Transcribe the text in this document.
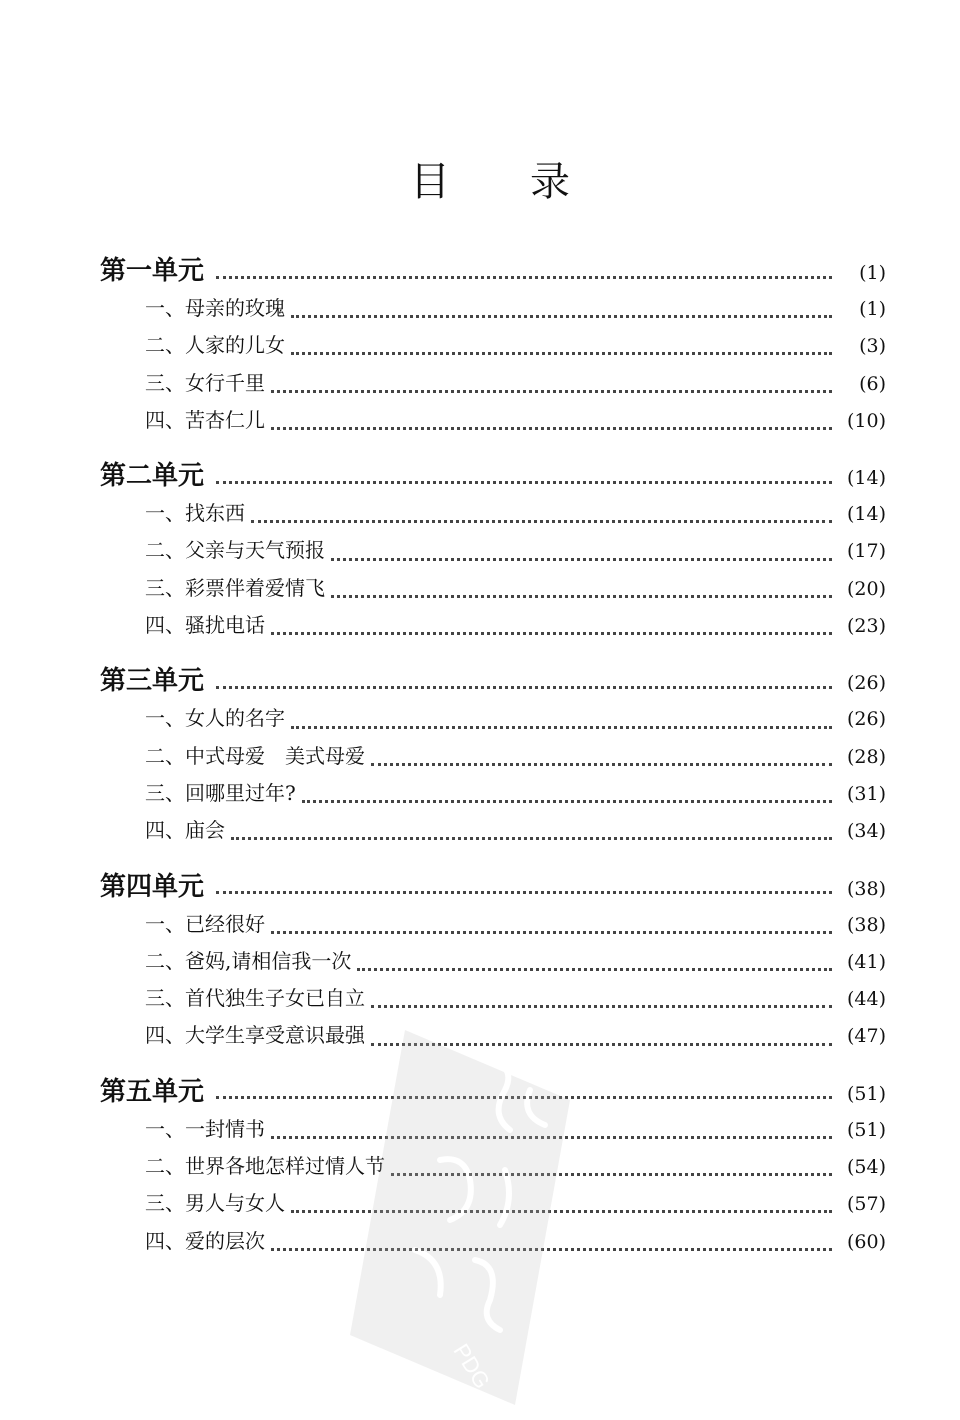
目 录
第一单元	(1)
一、母亲的玫瑰	(1)
二、人家的儿女	(3)
三、女行千里	(6)
四、苦杏仁儿	(10)
第二单元	(14)
一、找东西	(14)
二、父亲与天气预报	(17)
三、彩票伴着爱情飞	(20)
四、骚扰电话	(23)
第三单元	(26)
一、女人的名字	(26)
二、中式母爱　美式母爱	(28)
三、回哪里过年?	(31)
四、庙会	(34)
第四单元	(38)
一、已经很好	(38)
二、爸妈,请相信我一次	(41)
三、首代独生子女已自立	(44)
四、大学生享受意识最强	(47)
第五单元	(51)
一、一封情书	(51)
二、世界各地怎样过情人节	(54)
三、男人与女人	(57)
四、爱的层次	(60)
PDG
